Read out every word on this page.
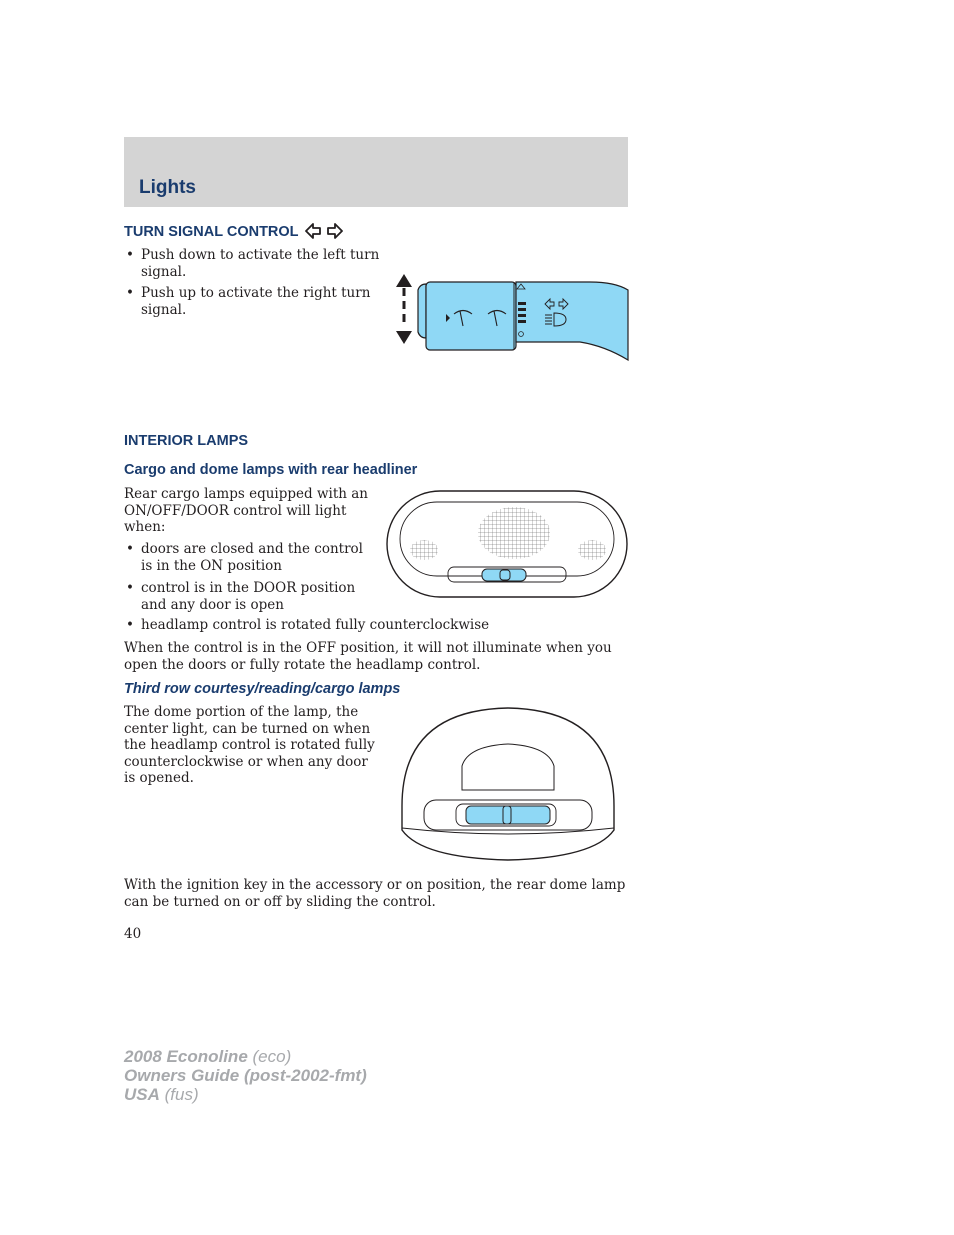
Lights
TURN SIGNAL CONTROL
• Push down to activate the left turn signal.
• Push up to activate the right turn signal.
INTERIOR LAMPS
Cargo and dome lamps with rear headliner

Rear cargo lamps equipped with an ON/OFF/DOOR control will light when:

• doors are closed and the control is in the ON position
• control is in the DOOR position and any door is open
• headlamp control is rotated fully counterclockwise

When the control is in the OFF position, it will not illuminate when you open the doors or fully rotate the headlamp control.

Third row courtesy/reading/cargo lamps

The dome portion of the lamp, the center light, can be turned on when the headlamp control is rotated fully counterclockwise or when any door is opened.

With the ignition key in the accessory or on position, the rear dome lamp can be turned on or off by sliding the control.

40

2008 Econoline (eco)
Owners Guide (post-2002-fmt)
USA (fus)
